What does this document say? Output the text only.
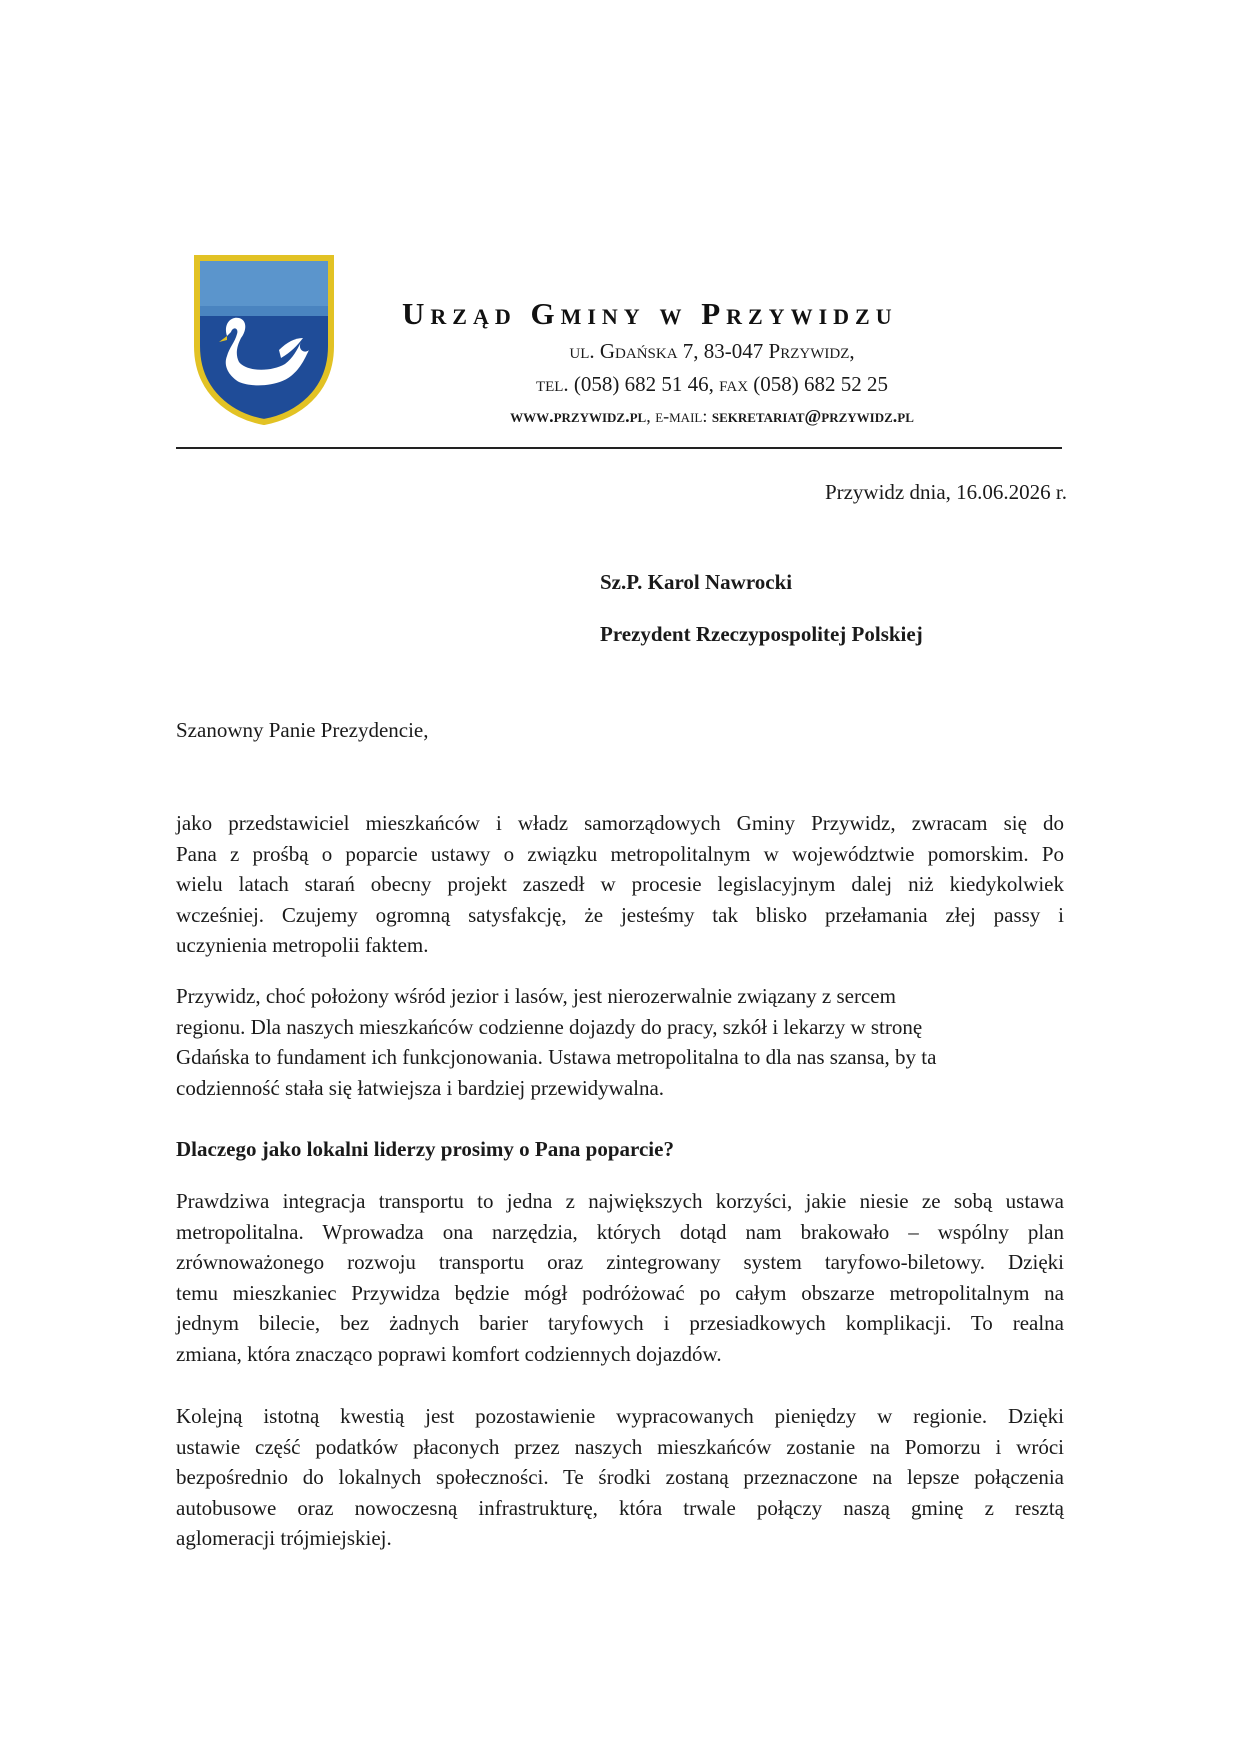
Urząd Gminy w Przywidzu
ul. Gdańska 7, 83-047 Przywidz,
tel. (058) 682 51 46, fax (058) 682 52 25
www.przywidz.pl, e-mail: sekretariat@przywidz.pl
Przywidz dnia, 16.06.2026 r.
Sz.P. Karol Nawrocki
Prezydent Rzeczypospolitej Polskiej
Szanowny Panie Prezydencie,
jako przedstawiciel mieszkańców i władz samorządowych Gminy Przywidz, zwracam się do
Pana z prośbą o poparcie ustawy o związku metropolitalnym w województwie pomorskim. Po
wielu latach starań obecny projekt zaszedł w procesie legislacyjnym dalej niż kiedykolwiek
wcześniej. Czujemy ogromną satysfakcję, że jesteśmy tak blisko przełamania złej passy i
uczynienia metropolii faktem.
Przywidz, choć położony wśród jezior i lasów, jest nierozerwalnie związany z sercem
regionu. Dla naszych mieszkańców codzienne dojazdy do pracy, szkół i lekarzy w stronę
Gdańska to fundament ich funkcjonowania. Ustawa metropolitalna to dla nas szansa, by ta
codzienność stała się łatwiejsza i bardziej przewidywalna.
Dlaczego jako lokalni liderzy prosimy o Pana poparcie?
Prawdziwa integracja transportu to jedna z największych korzyści, jakie niesie ze sobą ustawa
metropolitalna. Wprowadza ona narzędzia, których dotąd nam brakowało – wspólny plan
zrównoważonego rozwoju transportu oraz zintegrowany system taryfowo-biletowy. Dzięki
temu mieszkaniec Przywidza będzie mógł podróżować po całym obszarze metropolitalnym na
jednym bilecie, bez żadnych barier taryfowych i przesiadkowych komplikacji. To realna
zmiana, która znacząco poprawi komfort codziennych dojazdów.
Kolejną istotną kwestią jest pozostawienie wypracowanych pieniędzy w regionie. Dzięki
ustawie część podatków płaconych przez naszych mieszkańców zostanie na Pomorzu i wróci
bezpośrednio do lokalnych społeczności. Te środki zostaną przeznaczone na lepsze połączenia
autobusowe oraz nowoczesną infrastrukturę, która trwale połączy naszą gminę z resztą
aglomeracji trójmiejskiej.
